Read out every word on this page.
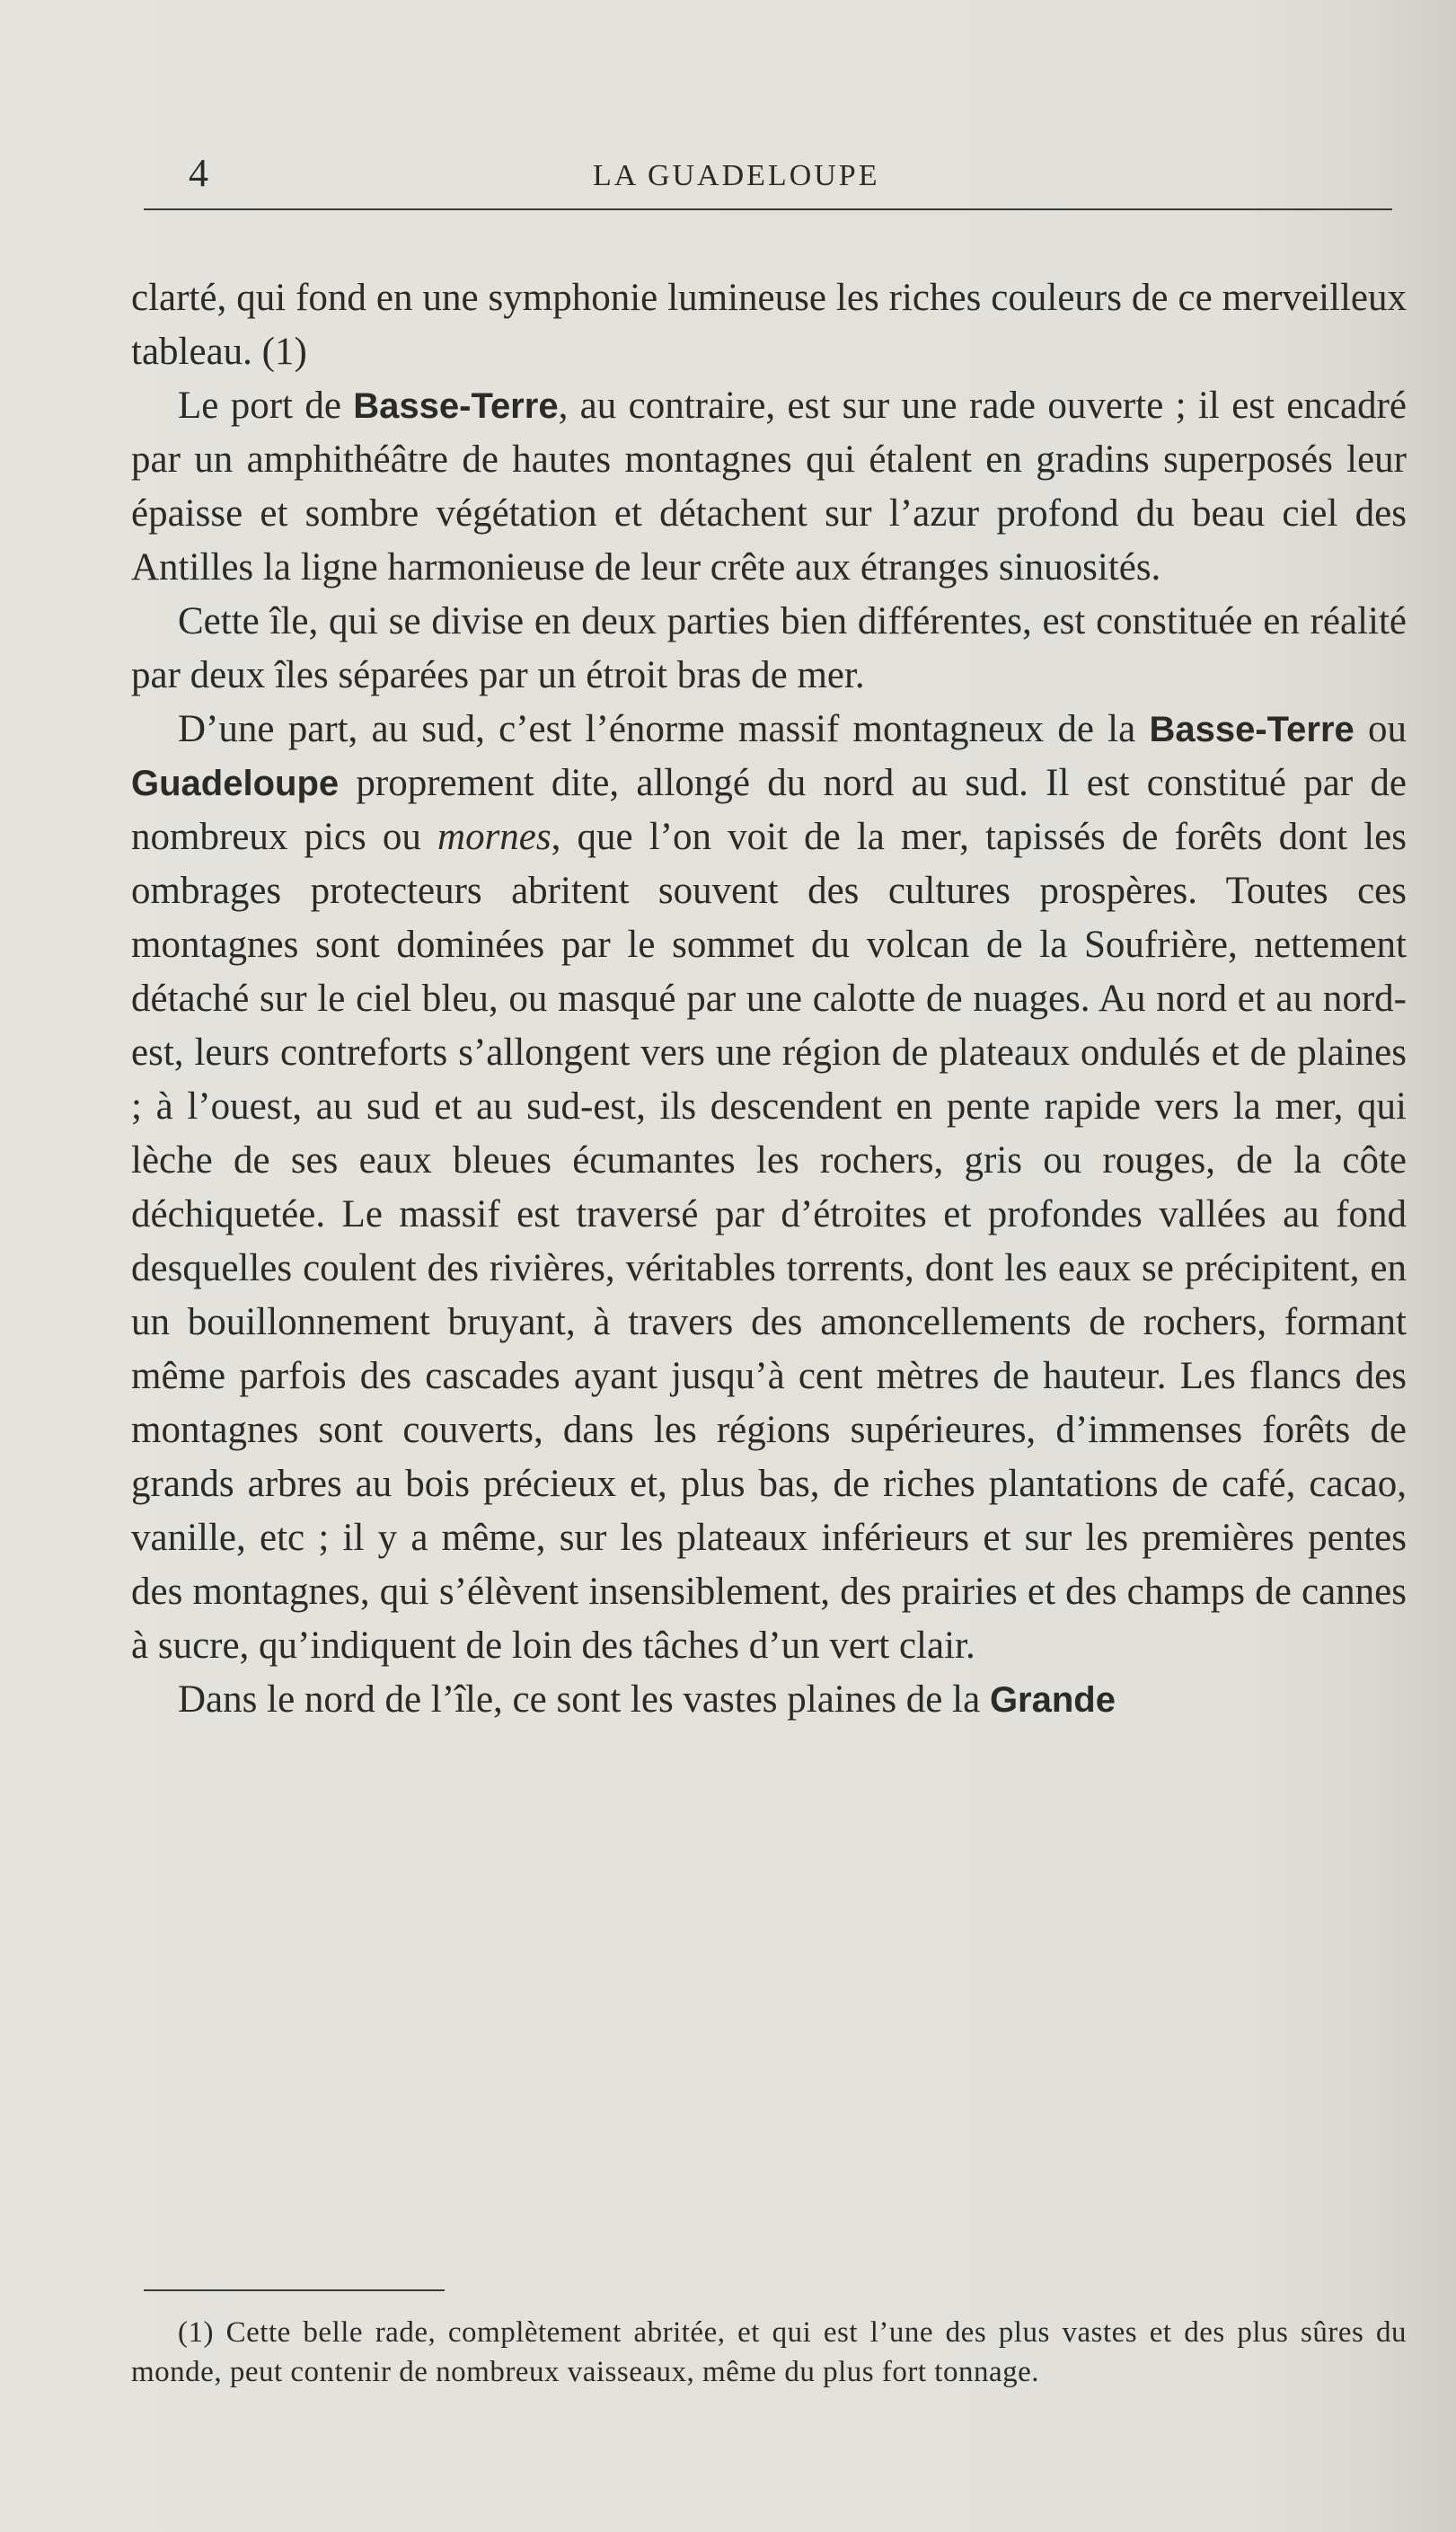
4	LA GUADELOUPE

clarté, qui fond en une symphonie lumineuse les riches couleurs de ce merveilleux tableau. (1)

Le port de Basse-Terre, au contraire, est sur une rade ouverte ; il est encadré par un amphithéâtre de hautes montagnes qui étalent en gradins superposés leur épaisse et sombre végétation et détachent sur l’azur profond du beau ciel des Antilles la ligne harmonieuse de leur crête aux étranges sinuosités.

Cette île, qui se divise en deux parties bien différentes, est constituée en réalité par deux îles séparées par un étroit bras de mer.

D’une part, au sud, c’est l’énorme massif montagneux de la Basse-Terre ou Guadeloupe proprement dite, allongé du nord au sud. Il est constitué par de nombreux pics ou mornes, que l’on voit de la mer, tapissés de forêts dont les ombrages protecteurs abritent souvent des cultures prospères. Toutes ces montagnes sont dominées par le sommet du volcan de la Soufrière, nettement détaché sur le ciel bleu, ou masqué par une calotte de nuages. Au nord et au nord-est, leurs contreforts s’allongent vers une région de plateaux ondulés et de plaines ; à l’ouest, au sud et au sud-est, ils descendent en pente rapide vers la mer, qui lèche de ses eaux bleues écumantes les rochers, gris ou rouges, de la côte déchiquetée. Le massif est traversé par d’étroites et profondes vallées au fond desquelles coulent des rivières, véritables torrents, dont les eaux se précipitent, en un bouillonnement bruyant, à travers des amoncellements de rochers, formant même parfois des cascades ayant jusqu’à cent mètres de hauteur. Les flancs des montagnes sont couverts, dans les régions supérieures, d’immenses forêts de grands arbres au bois précieux et, plus bas, de riches plantations de café, cacao, vanille, etc ; il y a même, sur les plateaux inférieurs et sur les premières pentes des montagnes, qui s’élèvent insensiblement, des prairies et des champs de cannes à sucre, qu’indiquent de loin des tâches d’un vert clair.

Dans le nord de l’île, ce sont les vastes plaines de la Grande

(1) Cette belle rade, complètement abritée, et qui est l’une des plus vastes et des plus sûres du monde, peut contenir de nombreux vaisseaux, même du plus fort tonnage.
